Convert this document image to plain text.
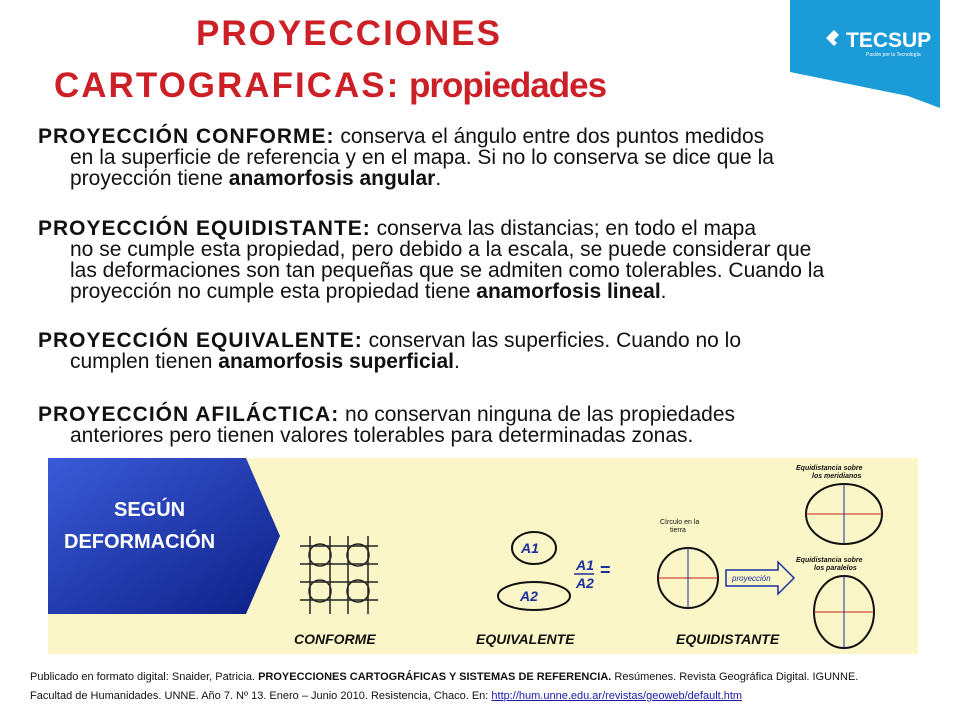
PROYECCIONES
CARTOGRAFICAS: propiedades
TECSUP
Pasión por la Tecnología
PROYECCIÓN CONFORME: conserva el ángulo entre dos puntos medidos
en la superficie de referencia y en el mapa. Si no lo conserva se dice que la
proyección tiene anamorfosis angular.
PROYECCIÓN EQUIDISTANTE: conserva las distancias; en todo el mapa
no se cumple esta propiedad, pero debido a la escala, se puede considerar que
las deformaciones son tan pequeñas que se admiten como tolerables. Cuando la
proyección no cumple esta propiedad tiene anamorfosis lineal.
PROYECCIÓN EQUIVALENTE: conservan las superficies. Cuando no lo
cumplen tienen anamorfosis superficial.
PROYECCIÓN AFILÁCTICA: no conservan ninguna de las propiedades
anteriores pero tienen valores tolerables para determinadas zonas.
SEGÚN
DEFORMACIÓN
CONFORME
A1
A2
A1
A2
=
EQUIVALENTE
Círculo en la
tierra
proyección
Equidistancia sobre
los meridianos
Equidistancia sobre
los paralelos
EQUIDISTANTE
Publicado en formato digital: Snaider, Patricia. PROYECCIONES CARTOGRÁFICAS Y SISTEMAS DE REFERENCIA. Resúmenes. Revista Geográfica Digital. IGUNNE.
Facultad de Humanidades. UNNE. Año 7. Nº 13. Enero – Junio 2010. Resistencia, Chaco. En: http://hum.unne.edu.ar/revistas/geoweb/default.htm
